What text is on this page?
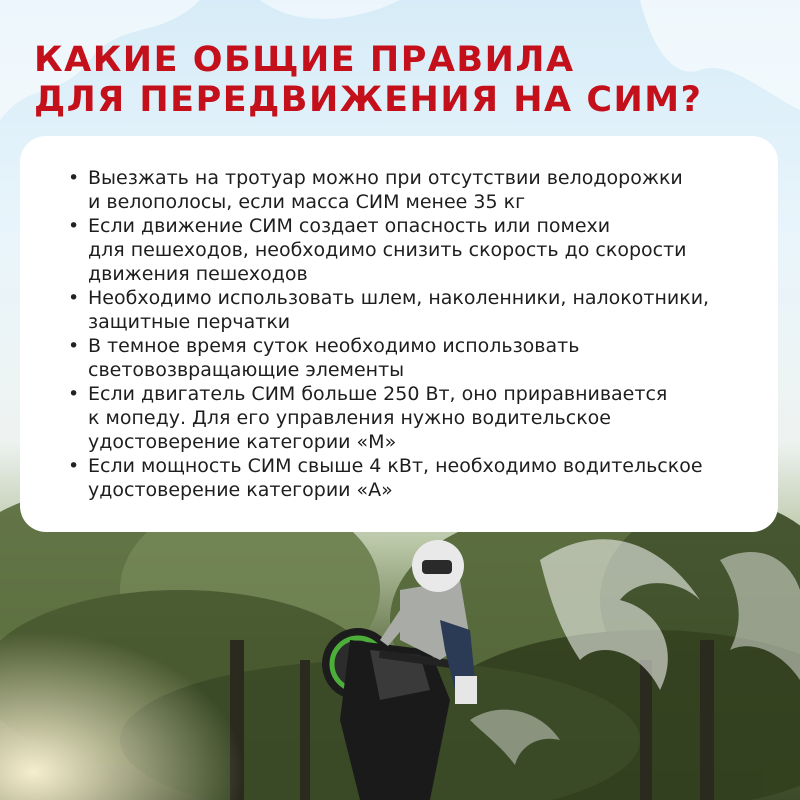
КАКИЕ ОБЩИЕ ПРАВИЛА
ДЛЯ ПЕРЕДВИЖЕНИЯ НА СИМ?
• Выезжать на тротуар можно при отсутствии велодорожки
и велополосы, если масса СИМ менее 35 кг
• Если движение СИМ создает опасность или помехи
для пешеходов, необходимо снизить скорость до скорости
движения пешеходов
• Необходимо использовать шлем, наколенники, налокотники,
защитные перчатки
• В темное время суток необходимо использовать
световозвращающие элементы
• Если двигатель СИМ больше 250 Вт, оно приравнивается
к мопеду. Для его управления нужно водительское
удостоверение категории «М»
• Если мощность СИМ свыше 4 кВт, необходимо водительское
удостоверение категории «А»
